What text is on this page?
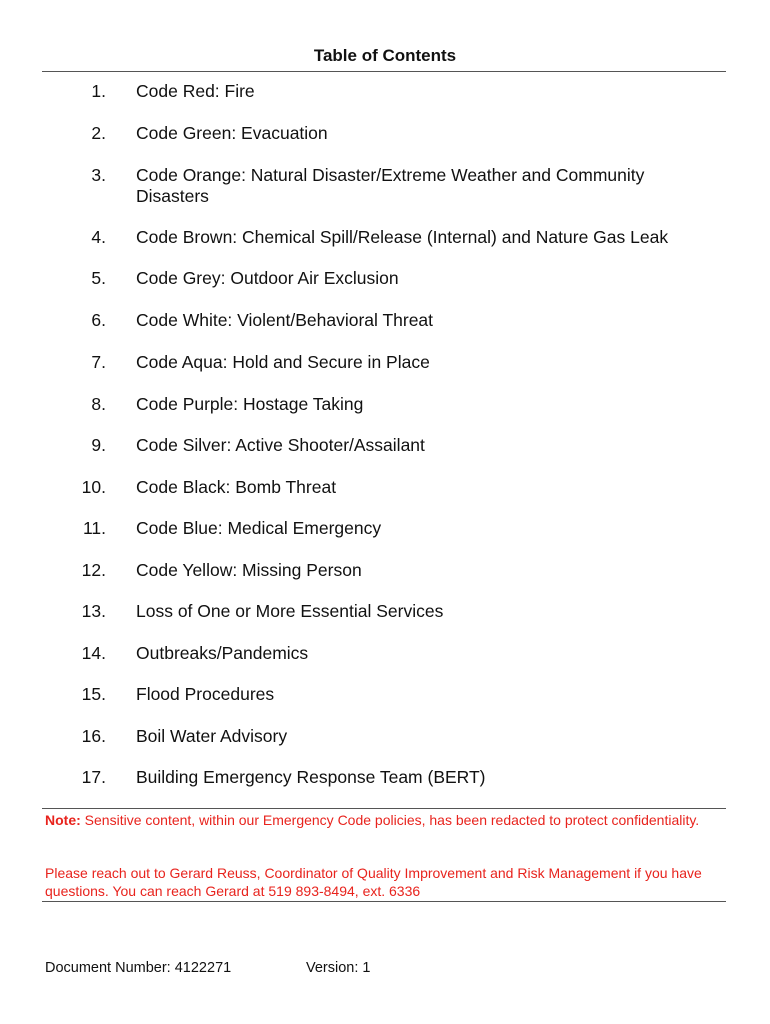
Table of Contents
1. Code Red: Fire
2. Code Green: Evacuation
3. Code Orange: Natural Disaster/Extreme Weather and Community Disasters
4. Code Brown: Chemical Spill/Release (Internal) and Nature Gas Leak
5. Code Grey: Outdoor Air Exclusion
6. Code White: Violent/Behavioral Threat
7. Code Aqua: Hold and Secure in Place
8. Code Purple: Hostage Taking
9. Code Silver: Active Shooter/Assailant
10. Code Black: Bomb Threat
11. Code Blue: Medical Emergency
12. Code Yellow: Missing Person
13. Loss of One or More Essential Services
14. Outbreaks/Pandemics
15. Flood Procedures
16. Boil Water Advisory
17. Building Emergency Response Team (BERT)
Note: Sensitive content, within our Emergency Code policies, has been redacted to protect confidentiality.
Please reach out to Gerard Reuss, Coordinator of Quality Improvement and Risk Management if you have questions. You can reach Gerard at 519 893-8494, ext. 6336
Document Number: 4122271	Version: 1
